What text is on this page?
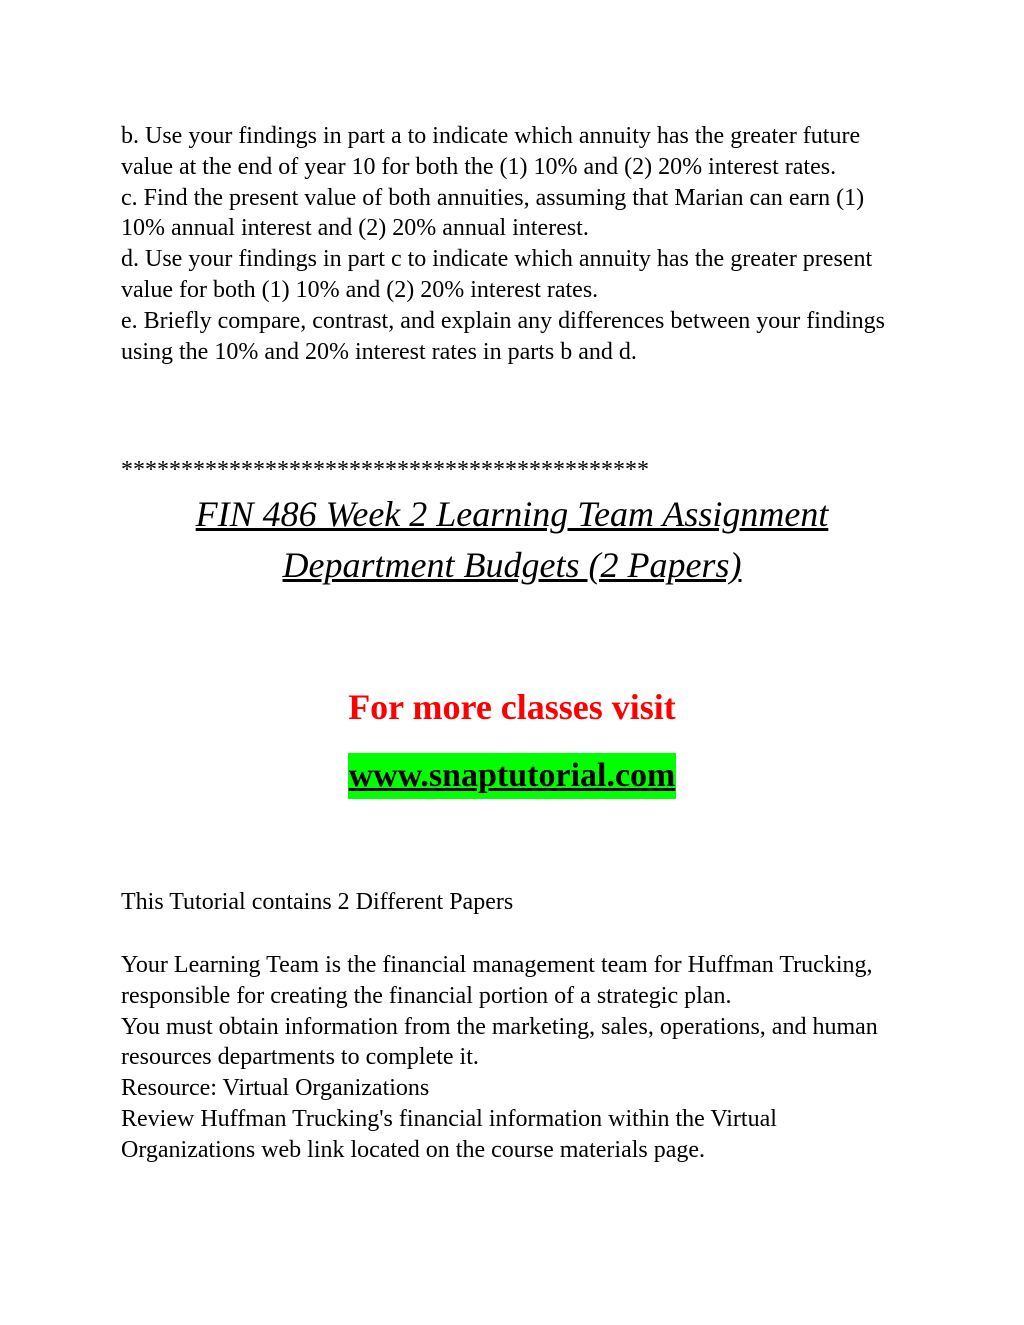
b. Use your findings in part a to indicate which annuity has the greater future value at the end of year 10 for both the (1) 10% and (2) 20% interest rates.

c. Find the present value of both annuities, assuming that Marian can earn (1) 10% annual interest and (2) 20% annual interest.

d. Use your findings in part c to indicate which annuity has the greater present value for both (1) 10% and (2) 20% interest rates.

e. Briefly compare, contrast, and explain any differences between your findings using the 10% and 20% interest rates in parts b and d.

********************************************
FIN 486 Week 2 Learning Team Assignment
Department Budgets (2 Papers)
For more classes visit
www.snaptutorial.com

This Tutorial contains 2 Different Papers

Your Learning Team is the financial management team for Huffman Trucking, responsible for creating the financial portion of a strategic plan.

You must obtain information from the marketing, sales, operations, and human resources departments to complete it.

Resource: Virtual Organizations

Review Huffman Trucking's financial information within the Virtual Organizations web link located on the course materials page.
